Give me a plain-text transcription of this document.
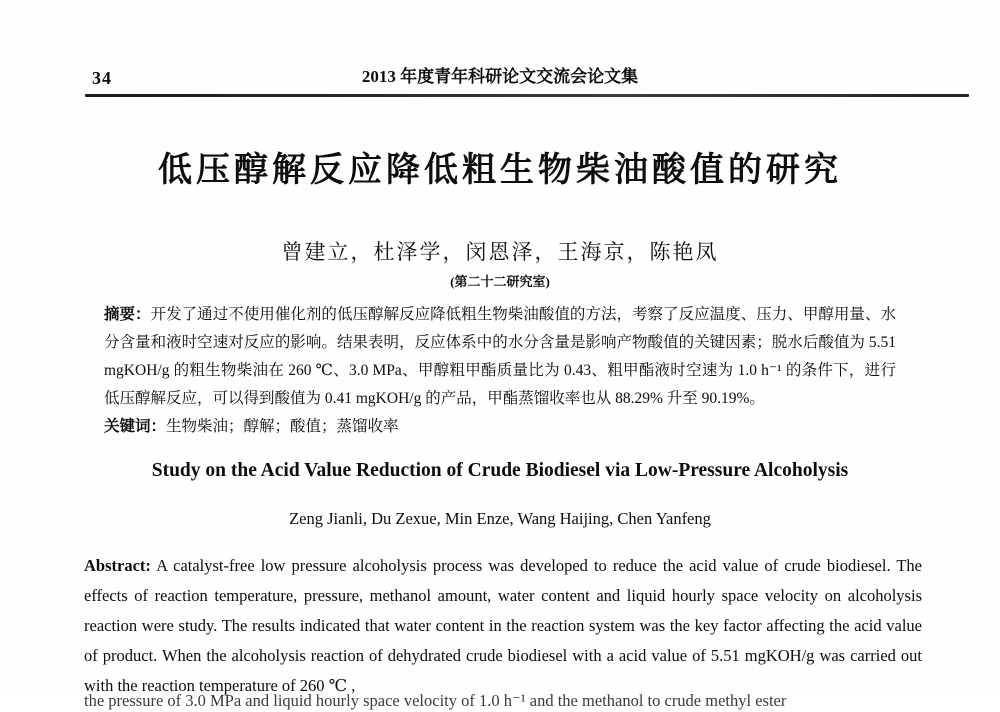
34	2013 年度青年科研论文交流会论文集
低压醇解反应降低粗生物柴油酸值的研究
曾建立，杜泽学，闵恩泽，王海京，陈艳凤
(第二十二研究室)

摘要：开发了通过不使用催化剂的低压醇解反应降低粗生物柴油酸值的方法，考察了反应温度、压力、甲醇用量、水分含量和液时空速对反应的影响。结果表明，反应体系中的水分含量是影响产物酸值的关键因素；脱水后酸值为 5.51 mgKOH/g 的粗生物柴油在 260 ℃、3.0 MPa、甲醇粗甲酯质量比为 0.43、粗甲酯液时空速为 1.0 h⁻¹ 的条件下，进行低压醇解反应，可以得到酸值为 0.41 mgKOH/g 的产品，甲酯蒸馏收率也从 88.29% 升至 90.19%。

关键词：生物柴油；醇解；酸值；蒸馏收率

Study on the Acid Value Reduction of Crude Biodiesel via Low-Pressure Alcoholysis
Zeng Jianli, Du Zexue, Min Enze, Wang Haijing, Chen Yanfeng

Abstract: A catalyst-free low pressure alcoholysis process was developed to reduce the acid value of crude biodiesel. The effects of reaction temperature, pressure, methanol amount, water content and liquid hourly space velocity on alcoholysis reaction were study. The results indicated that water content in the reaction system was the key factor affecting the acid value of product. When the alcoholysis reaction of dehydrated crude biodiesel with a acid value of 5.51 mgKOH/g was carried out with the reaction temperature of 260 ℃ ,

the pressure of 3.0 MPa and liquid hourly space velocity of 1.0 h⁻¹ and the methanol to crude methyl ester
